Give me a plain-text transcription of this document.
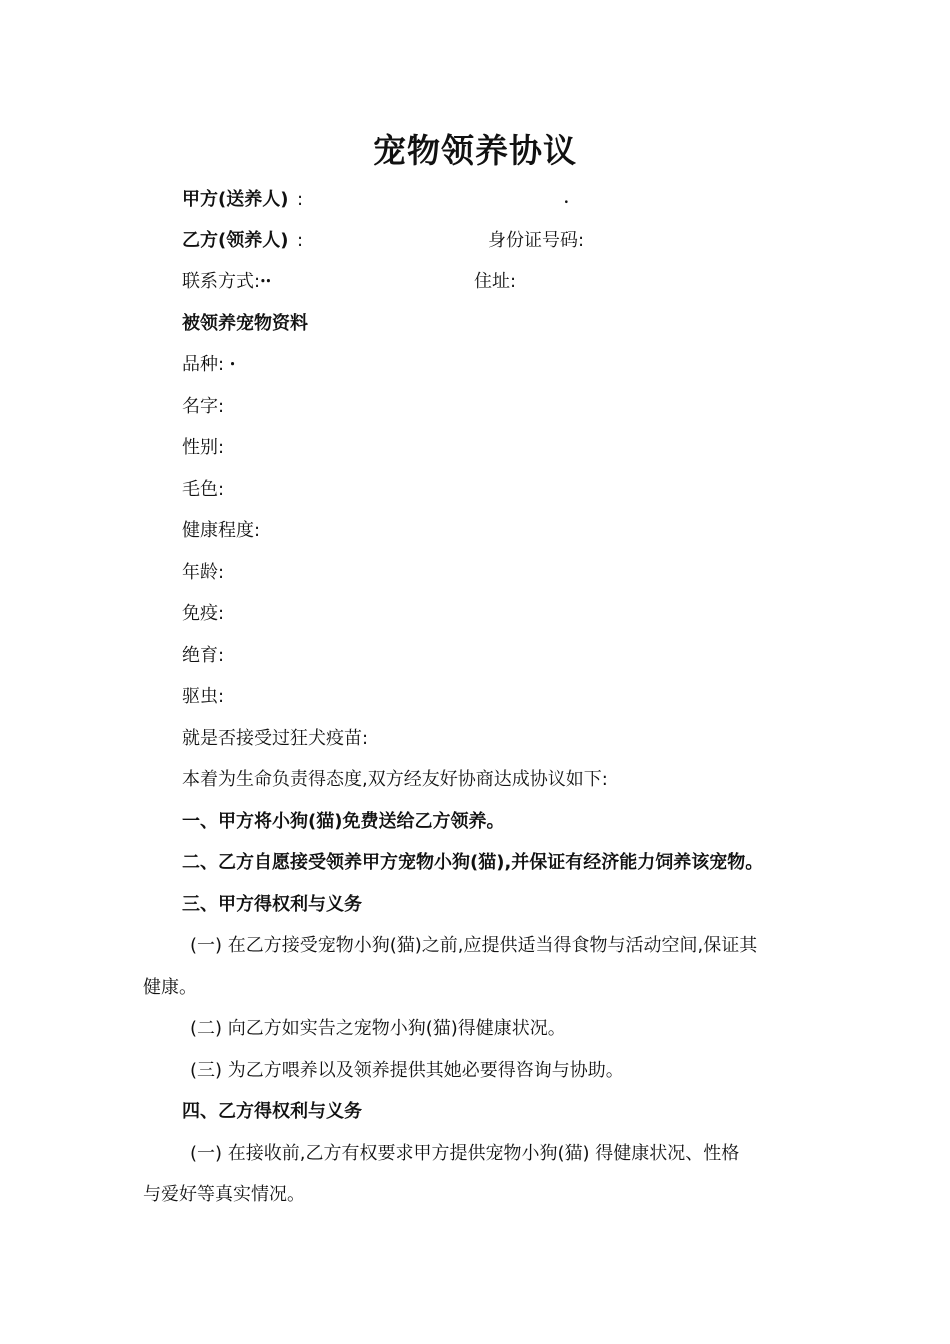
宠物领养协议
甲方(送养人) :	ꞏ
乙方(领养人) :	身份证号码:
联系方式:ꞏꞏ	住址:
被领养宠物资料
品种: ꞏ
名字:
性别:
毛色:
健康程度:
年龄:
免疫:
绝育:
驱虫:
就是否接受过狂犬疫苗:
本着为生命负责得态度,双方经友好协商达成协议如下:
一、甲方将小狗(猫)免费送给乙方领养。
二、乙方自愿接受领养甲方宠物小狗(猫),并保证有经济能力饲养该宠物。
三、甲方得权利与义务
(一) 在乙方接受宠物小狗(猫)之前,应提供适当得食物与活动空间,保证其
健康。
(二) 向乙方如实告之宠物小狗(猫)得健康状况。
(三) 为乙方喂养以及领养提供其她必要得咨询与协助。
四、乙方得权利与义务
(一) 在接收前,乙方有权要求甲方提供宠物小狗(猫) 得健康状况、性格
与爱好等真实情况。
